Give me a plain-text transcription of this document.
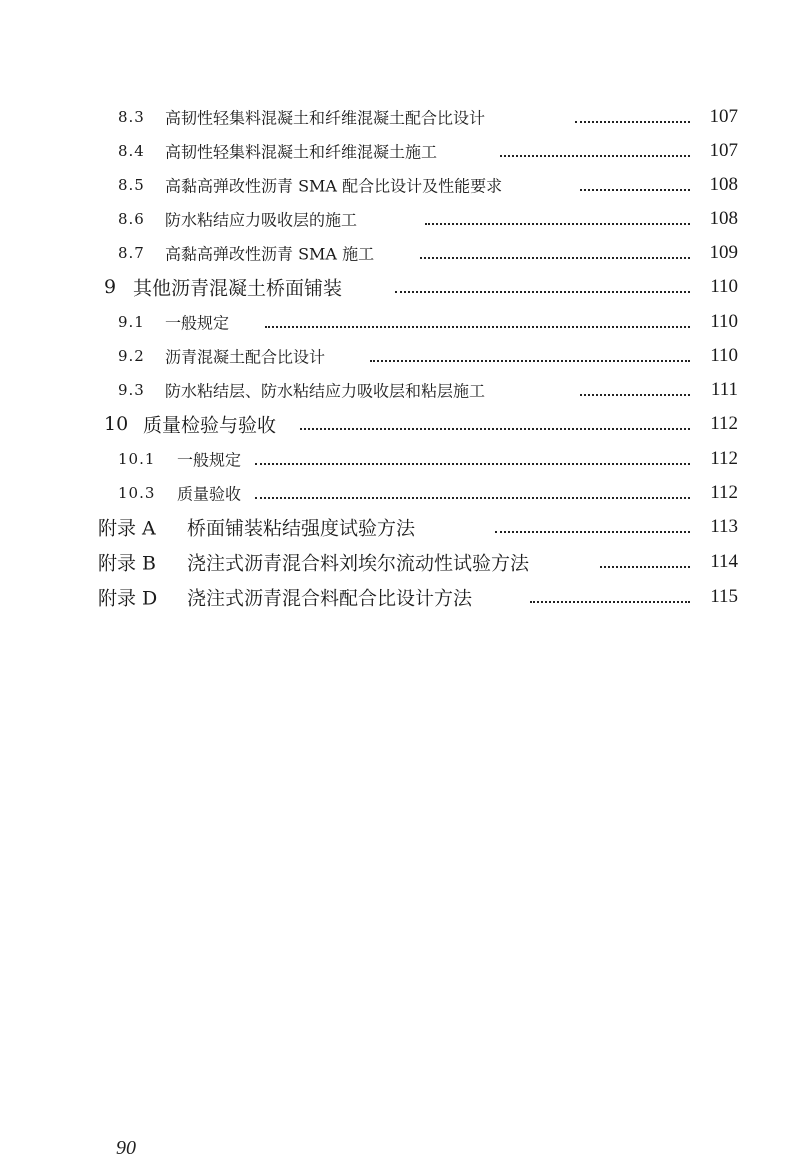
8.3 高韧性轻集料混凝土和纤维混凝土配合比设计	107
8.4 高韧性轻集料混凝土和纤维混凝土施工	107
8.5 高黏高弹改性沥青 SMA 配合比设计及性能要求	108
8.6 防水粘结应力吸收层的施工	108
8.7 高黏高弹改性沥青 SMA 施工	109
9 其他沥青混凝土桥面铺装	110
9.1 一般规定	110
9.2 沥青混凝土配合比设计	110
9.3 防水粘结层、防水粘结应力吸收层和粘层施工	111
10 质量检验与验收	112
10.1 一般规定	112
10.3 质量验收	112
附录 A 桥面铺装粘结强度试验方法	113
附录 B 浇注式沥青混合料刘埃尔流动性试验方法	114
附录 D 浇注式沥青混合料配合比设计方法	115
90
